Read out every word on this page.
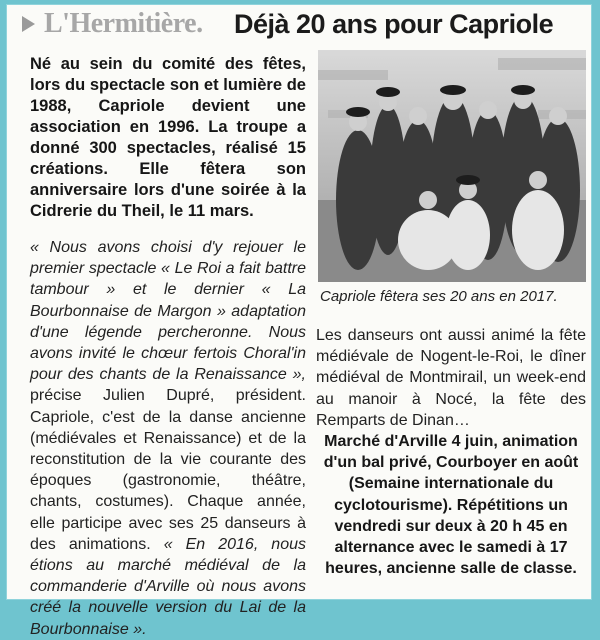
L'Hermitière. Déjà 20 ans pour Capriole

Né au sein du comité des fêtes, lors du spectacle son et lumière de 1988, Capriole devient une association en 1996. La troupe a donné 300 spectacles, réalisé 15 créations. Elle fêtera son anniversaire lors d'une soirée à la Cidrerie du Theil, le 11 mars.

« Nous avons choisi d'y rejouer le premier spectacle « Le Roi a fait battre tambour » et le dernier « La Bourbonnaise de Margon » adaptation d'une légende percheronne. Nous avons invité le chœur fertois Choral'in pour des chants de la Renaissance », précise Julien Dupré, président. Capriole, c'est de la danse ancienne (médiévales et Renaissance) et de la reconstitution de la vie courante des époques (gastronomie, théâtre, chants, costumes). Chaque année, elle participe avec ses 25 danseurs à des animations. « En 2016, nous étions au marché médiéval de la commanderie d'Arville où nous avons créé la nouvelle version du Lai de la Bourbonnaise ».
Capriole fêtera ses 20 ans en 2017.

Les danseurs ont aussi animé la fête médiévale de Nogent-le-Roi, le dîner médiéval de Montmirail, un week-end au manoir à Nocé, la fête des Remparts de Dinan…

Marché d'Arville 4 juin, animation d'un bal privé, Courboyer en août (Semaine internationale du cyclotourisme). Répétitions un vendredi sur deux à 20 h 45 en alternance avec le samedi à 17 heures, ancienne salle de classe.
